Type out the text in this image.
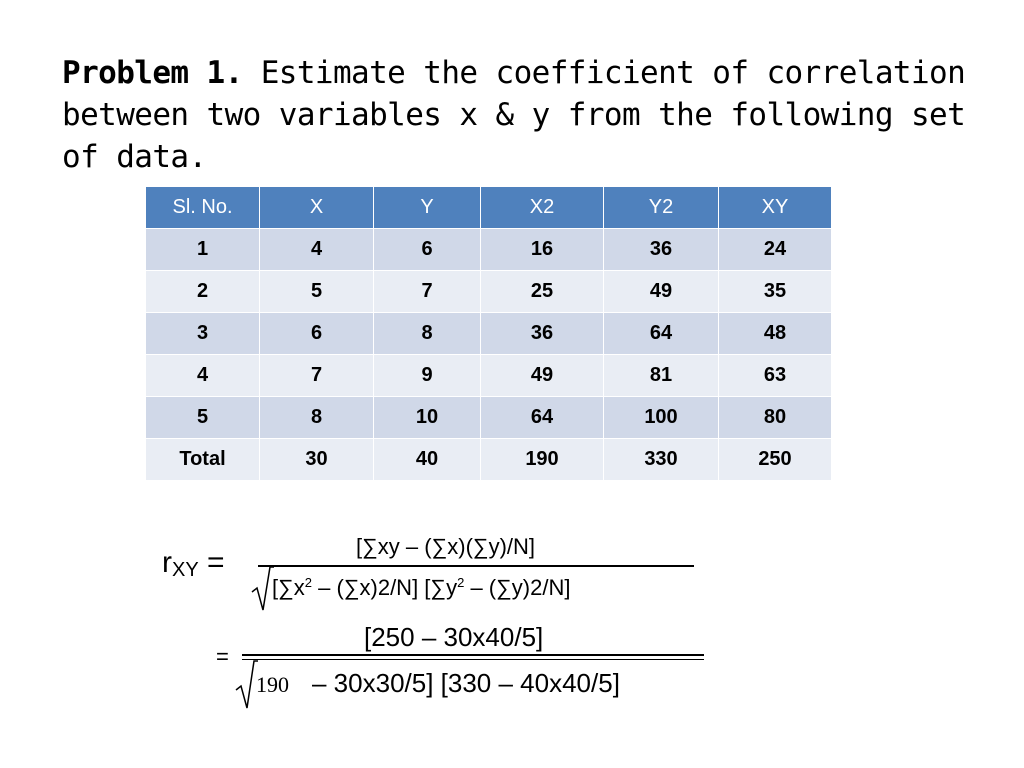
Problem 1. Estimate the coefficient of correlation between two variables x & y from the following set of data.
Sl. No.	X	Y	X2	Y2	XY
1	4	6	16	36	24
2	5	7	25	49	35
3	6	8	36	64	48
4	7	9	49	81	63
5	8	10	64	100	80
Total	30	40	190	330	250
$r_{XY}$ =	[∑xy – (∑x)(∑y)/N]
$[\sum x^2 - (\sum x)2/N]$ $[\sum y^2 - (\sum y)2/N]$
=
[250 – 30x40/5]
190 – 30x30/5] [330 – 40x40/5]
